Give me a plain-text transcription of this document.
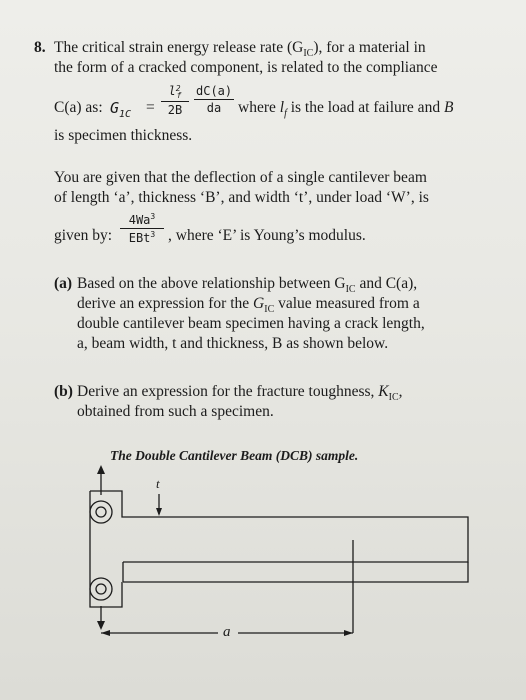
8. The critical strain energy release rate $(G_{IC})$, for a material in
the form of a cracked component, is related to the compliance
C(a) as: $G_{1C} = \frac{l^2_f}{2B} \frac{dC(a)}{da}$ where $l_f$ is the load at failure and B
is specimen thickness.
You are given that the deflection of a single cantilever beam
of length ‘a’, thickness ‘B’, and width ‘t’, under load ‘W’, is
given by:
4Wa$^3$
EBt$^3$ , where ‘E’ is Young’s modulus.
(a) Based on the above relationship between $G_{IC}$ and C(a),
derive an expression for the $G_{IC}$ value measured from a
double cantilever beam specimen having a crack length,
a, beam width, t and thickness, B as shown below.
(b) Derive an expression for the fracture toughness, $K_{IC}$,
obtained from such a specimen.
The Double Cantilever Beam (DCB) sample.
t
a
